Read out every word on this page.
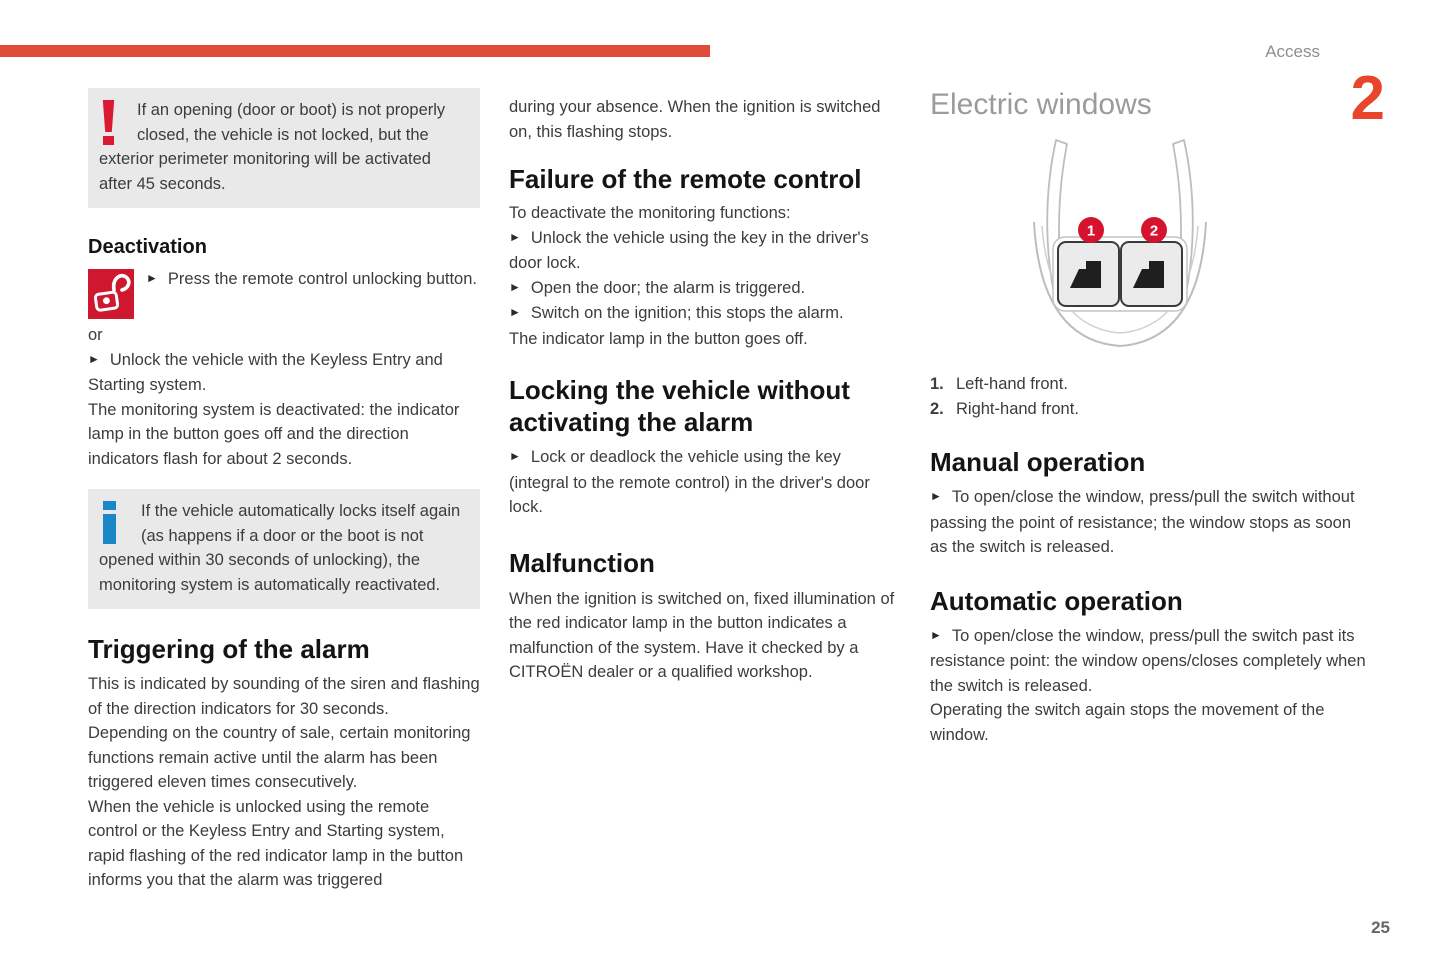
Access
2
25
If an opening (door or boot) is not properly closed, the vehicle is not locked, but the exterior perimeter monitoring will be activated after 45 seconds.
Deactivation

► Press the remote control unlocking button.

or

► Unlock the vehicle with the Keyless Entry and Starting system.

The monitoring system is deactivated: the indicator lamp in the button goes off and the direction indicators flash for about 2 seconds.

If the vehicle automatically locks itself again (as happens if a door or the boot is not opened within 30 seconds of unlocking), the monitoring system is automatically reactivated.
Triggering of the alarm

This is indicated by sounding of the siren and flashing of the direction indicators for 30 seconds.

Depending on the country of sale, certain monitoring functions remain active until the alarm has been triggered eleven times consecutively.

When the vehicle is unlocked using the remote control or the Keyless Entry and Starting system, rapid flashing of the red indicator lamp in the button informs you that the alarm was triggered

during your absence. When the ignition is switched on, this flashing stops.

Failure of the remote control

To deactivate the monitoring functions:

► Unlock the vehicle using the key in the driver's door lock.

► Open the door; the alarm is triggered.

► Switch on the ignition; this stops the alarm.

The indicator lamp in the button goes off.

Locking the vehicle without activating the alarm

► Lock or deadlock the vehicle using the key (integral to the remote control) in the driver's door lock.

Malfunction

When the ignition is switched on, fixed illumination of the red indicator lamp in the button indicates a malfunction of the system. Have it checked by a CITROËN dealer or a qualified workshop.

Electric windows
1	2
1. Left-hand front.
2. Right-hand front.
Manual operation

► To open/close the window, press/pull the switch without passing the point of resistance; the window stops as soon as the switch is released.

Automatic operation

► To open/close the window, press/pull the switch past its resistance point: the window opens/closes completely when the switch is released.

Operating the switch again stops the movement of the window.
